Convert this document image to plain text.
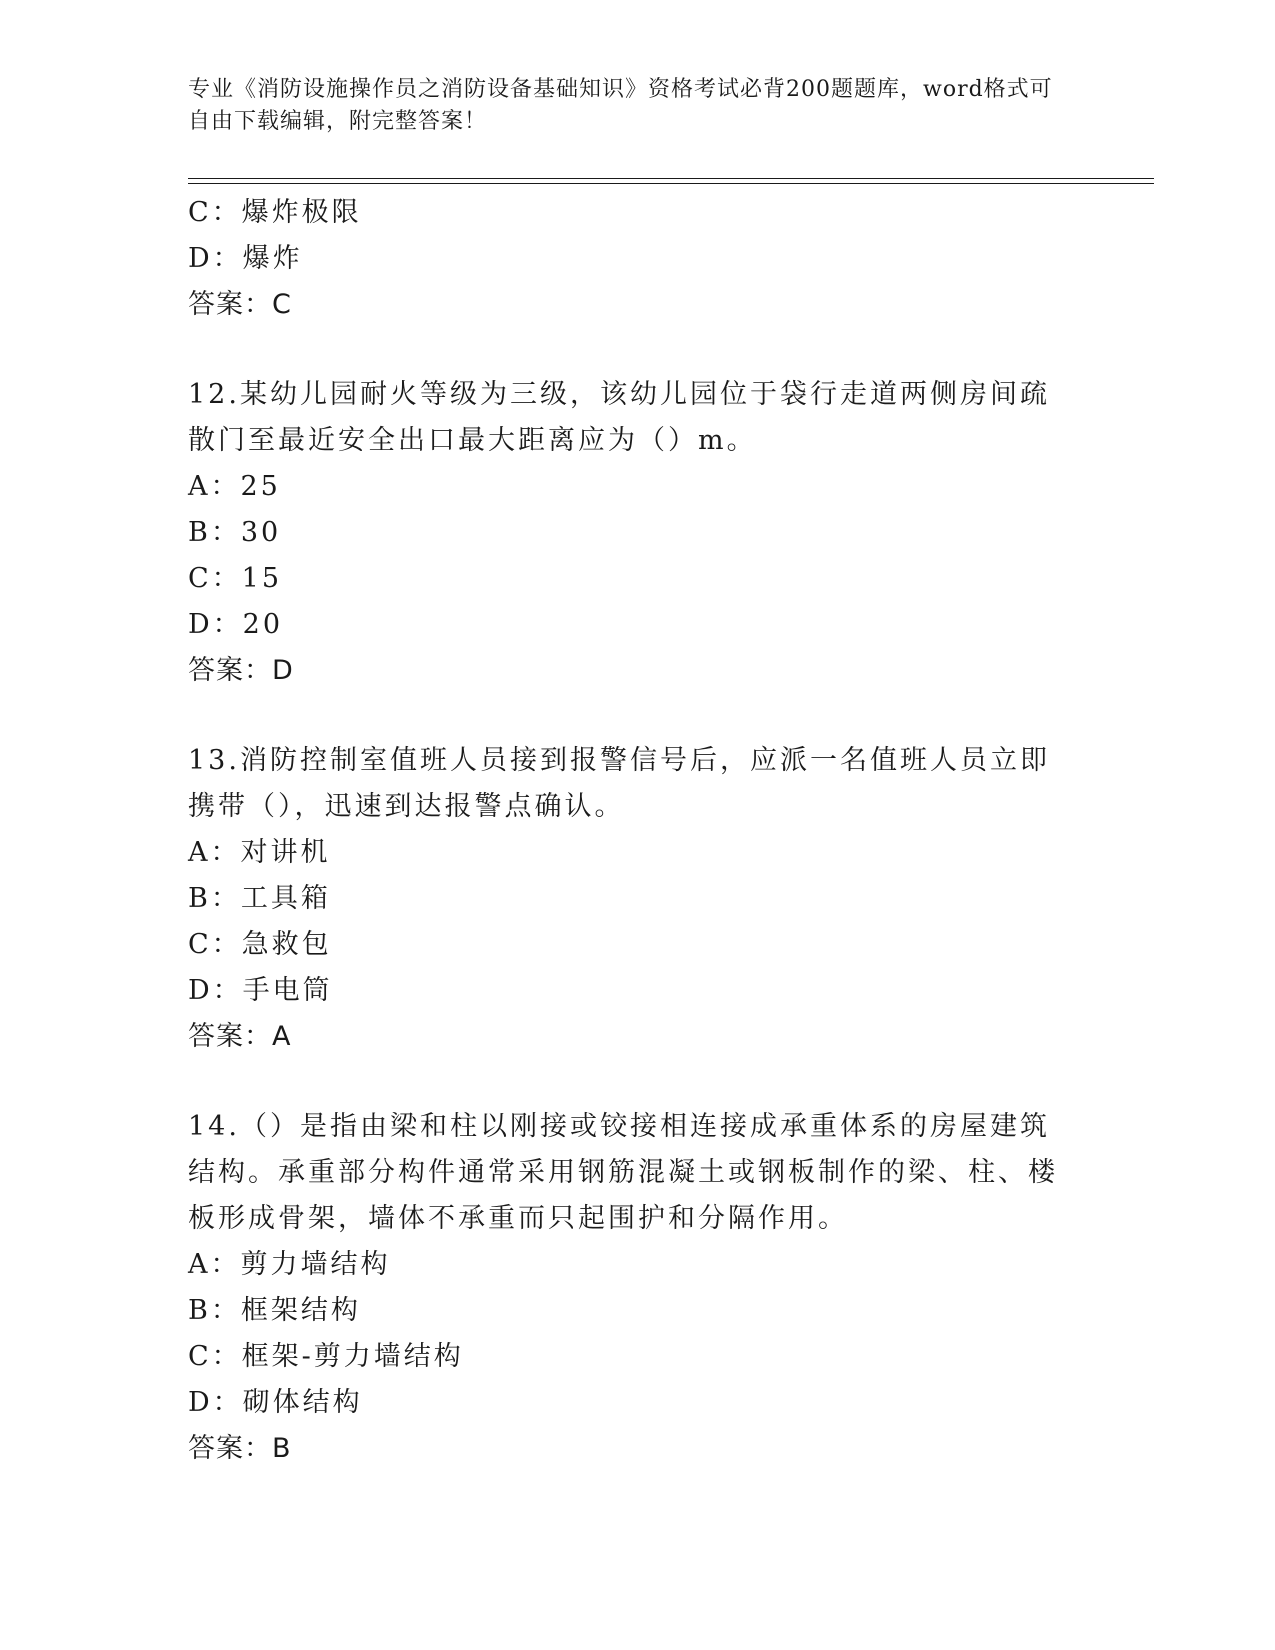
专业《消防设施操作员之消防设备基础知识》资格考试必背200题题库，word格式可自由下载编辑，附完整答案！
C：爆炸极限
D：爆炸
答案：C
12.某幼儿园耐火等级为三级，该幼儿园位于袋行走道两侧房间疏散门至最近安全出口最大距离应为（）m。
A：25
B：30
C：15
D：20
答案：D
13.消防控制室值班人员接到报警信号后，应派一名值班人员立即携带（），迅速到达报警点确认。
A：对讲机
B：工具箱
C：急救包
D：手电筒
答案：A
14.（）是指由梁和柱以刚接或铰接相连接成承重体系的房屋建筑结构。承重部分构件通常采用钢筋混凝土或钢板制作的梁、柱、楼板形成骨架，墙体不承重而只起围护和分隔作用。
A：剪力墙结构
B：框架结构
C：框架-剪力墙结构
D：砌体结构
答案：B
